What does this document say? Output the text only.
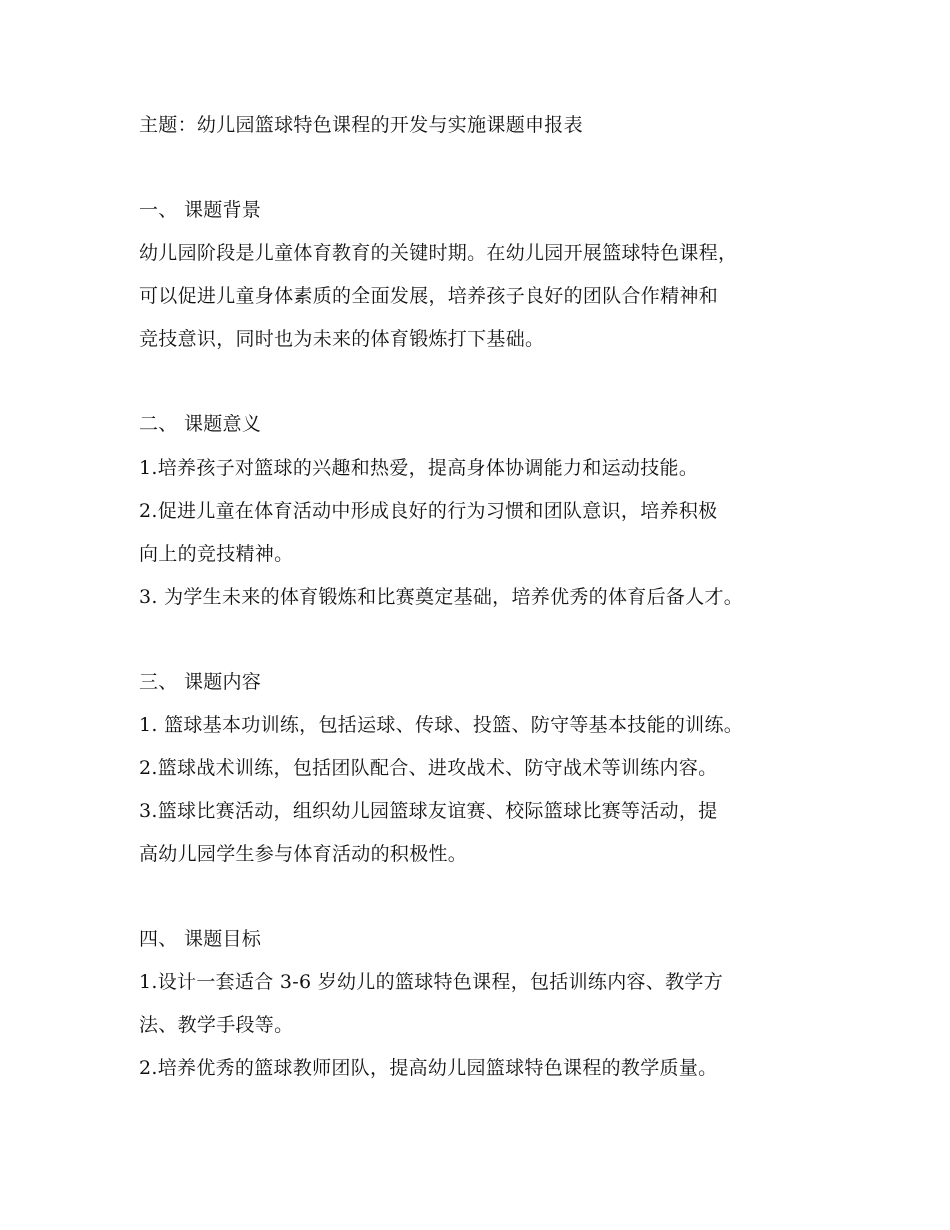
主题：幼儿园篮球特色课程的开发与实施课题申报表
一、 课题背景
幼儿园阶段是儿童体育教育的关键时期。在幼儿园开展篮球特色课程，
可以促进儿童身体素质的全面发展，培养孩子良好的团队合作精神和
竞技意识，同时也为未来的体育锻炼打下基础。
二、 课题意义
1.培养孩子对篮球的兴趣和热爱，提高身体协调能力和运动技能。
2.促进儿童在体育活动中形成良好的行为习惯和团队意识，培养积极
向上的竞技精神。
3. 为学生未来的体育锻炼和比赛奠定基础，培养优秀的体育后备人才。
三、 课题内容
1. 篮球基本功训练，包括运球、传球、投篮、防守等基本技能的训练。
2.篮球战术训练，包括团队配合、进攻战术、防守战术等训练内容。
3.篮球比赛活动，组织幼儿园篮球友谊赛、校际篮球比赛等活动，提
高幼儿园学生参与体育活动的积极性。
四、 课题目标
1.设计一套适合 3-6 岁幼儿的篮球特色课程，包括训练内容、教学方
法、教学手段等。
2.培养优秀的篮球教师团队，提高幼儿园篮球特色课程的教学质量。
